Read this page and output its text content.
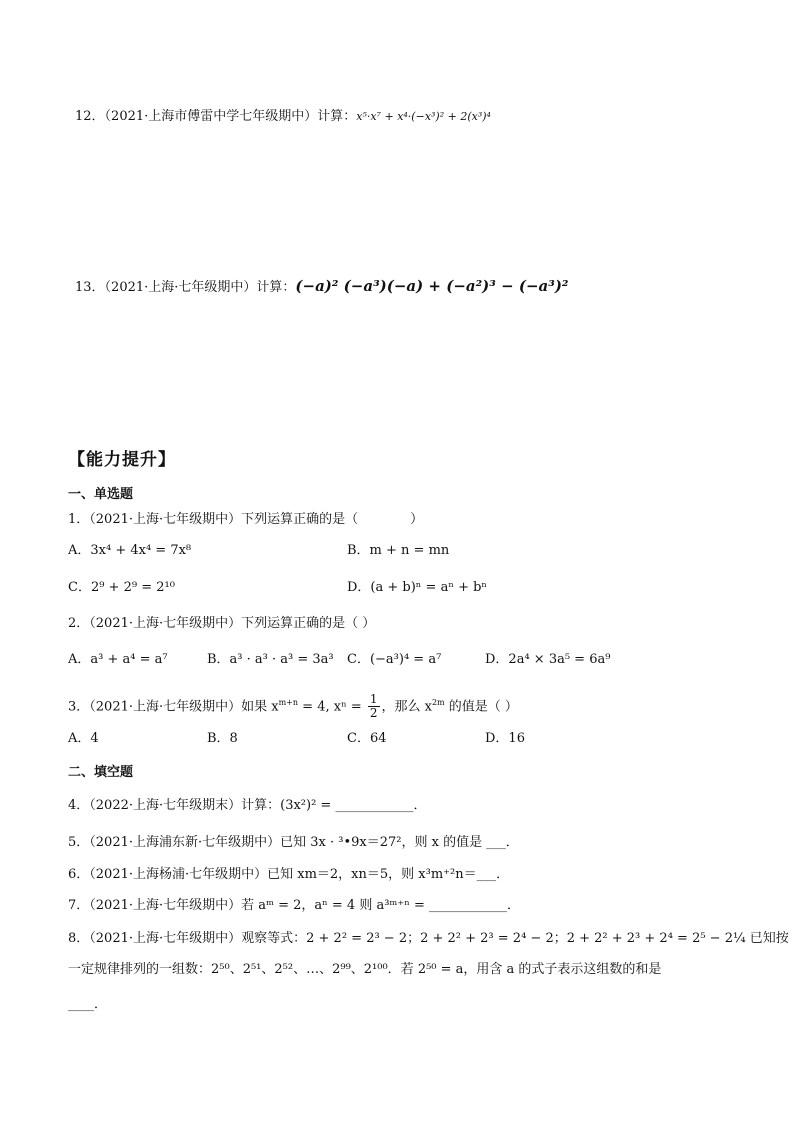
12．（2021·上海市傅雷中学七年级期中）计算：x⁵·x⁷ + x⁴·(−x³)² + 2(x³)⁴
13．（2021·上海·七年级期中）计算：(−a)² (−a³)(−a) + (−a²)³ − (−a³)²
【能力提升】
一、单选题
1．（2021·上海·七年级期中）下列运算正确的是（　　　　）
A．3x⁴ + 4x⁴ = 7x⁸	B．m + n = mn
C．2⁹ + 2⁹ = 2¹⁰	D．(a + b)ⁿ = aⁿ + bⁿ
2．（2021·上海·七年级期中）下列运算正确的是（ ）
A．a³ + a⁴ = a⁷	B．a³ · a³ · a³ = 3a³ C．(−a³)⁴ = a⁷	D．2a⁴ × 3a⁵ = 6a⁹
3．（2021·上海·七年级期中）如果 $x^{m+n} = 4$, $x^n = \frac{1}{2}$ ，那么 $x^{2m}$ 的值是（ ）
A．4	B．8	C．64	D．16
二、填空题
4．（2022·上海·七年级期末）计算：(3x²)² = ____________．
5．（2021·上海浦东新·七年级期中）已知 3x · ³•9x＝27²，则 x 的值是 ___．
6．（2021·上海杨浦·七年级期中）已知 xm＝2，xn＝5，则 x³m⁺²n＝___．
7．（2021·上海·七年级期中）若 aᵐ = 2，aⁿ = 4 则 a³ᵐ⁺ⁿ = ____________．
8．（2021·上海·七年级期中）观察等式：2 + 2² = 2³ − 2；2 + 2² + 2³ = 2⁴ − 2；2 + 2² + 2³ + 2⁴ = 2⁵ − 2¼ 已知按
一定规律排列的一组数：2⁵⁰、2⁵¹、2⁵²、…、2⁹⁹、2¹⁰⁰．若 2⁵⁰ = a，用含 a 的式子表示这组数的和是
____．
